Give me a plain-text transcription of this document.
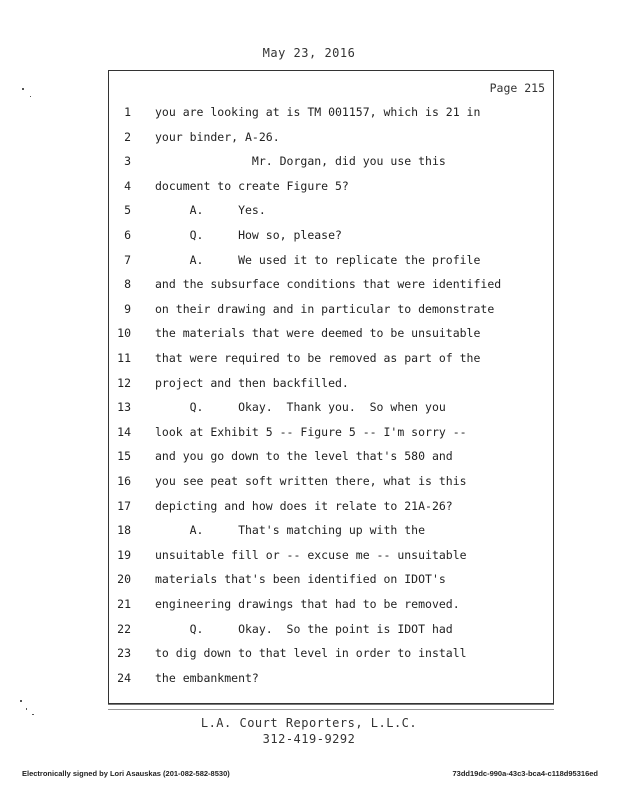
May 23, 2016
Page 215
1 you are looking at is TM 001157, which is 21 in
2 your binder, A-26.
3 Mr. Dorgan, did you use this
4 document to create Figure 5?
5 A.     Yes.
6 Q.     How so, please?
7 A.     We used it to replicate the profile
8 and the subsurface conditions that were identified
9 on their drawing and in particular to demonstrate
10 the materials that were deemed to be unsuitable
11 that were required to be removed as part of the
12 project and then backfilled.
13 Q.     Okay.  Thank you.  So when you
14 look at Exhibit 5 -- Figure 5 -- I'm sorry --
15 and you go down to the level that's 580 and
16 you see peat soft written there, what is this
17 depicting and how does it relate to 21A-26?
18 A.     That's matching up with the
19 unsuitable fill or -- excuse me -- unsuitable
20 materials that's been identified on IDOT's
21 engineering drawings that had to be removed.
22 Q.     Okay.  So the point is IDOT had
23 to dig down to that level in order to install
24 the embankment?
L.A. Court Reporters, L.L.C.
312-419-9292
Electronically signed by Lori Asauskas (201-082-582-8530)	73dd19dc-990a-43c3-bca4-c118d95316ed
